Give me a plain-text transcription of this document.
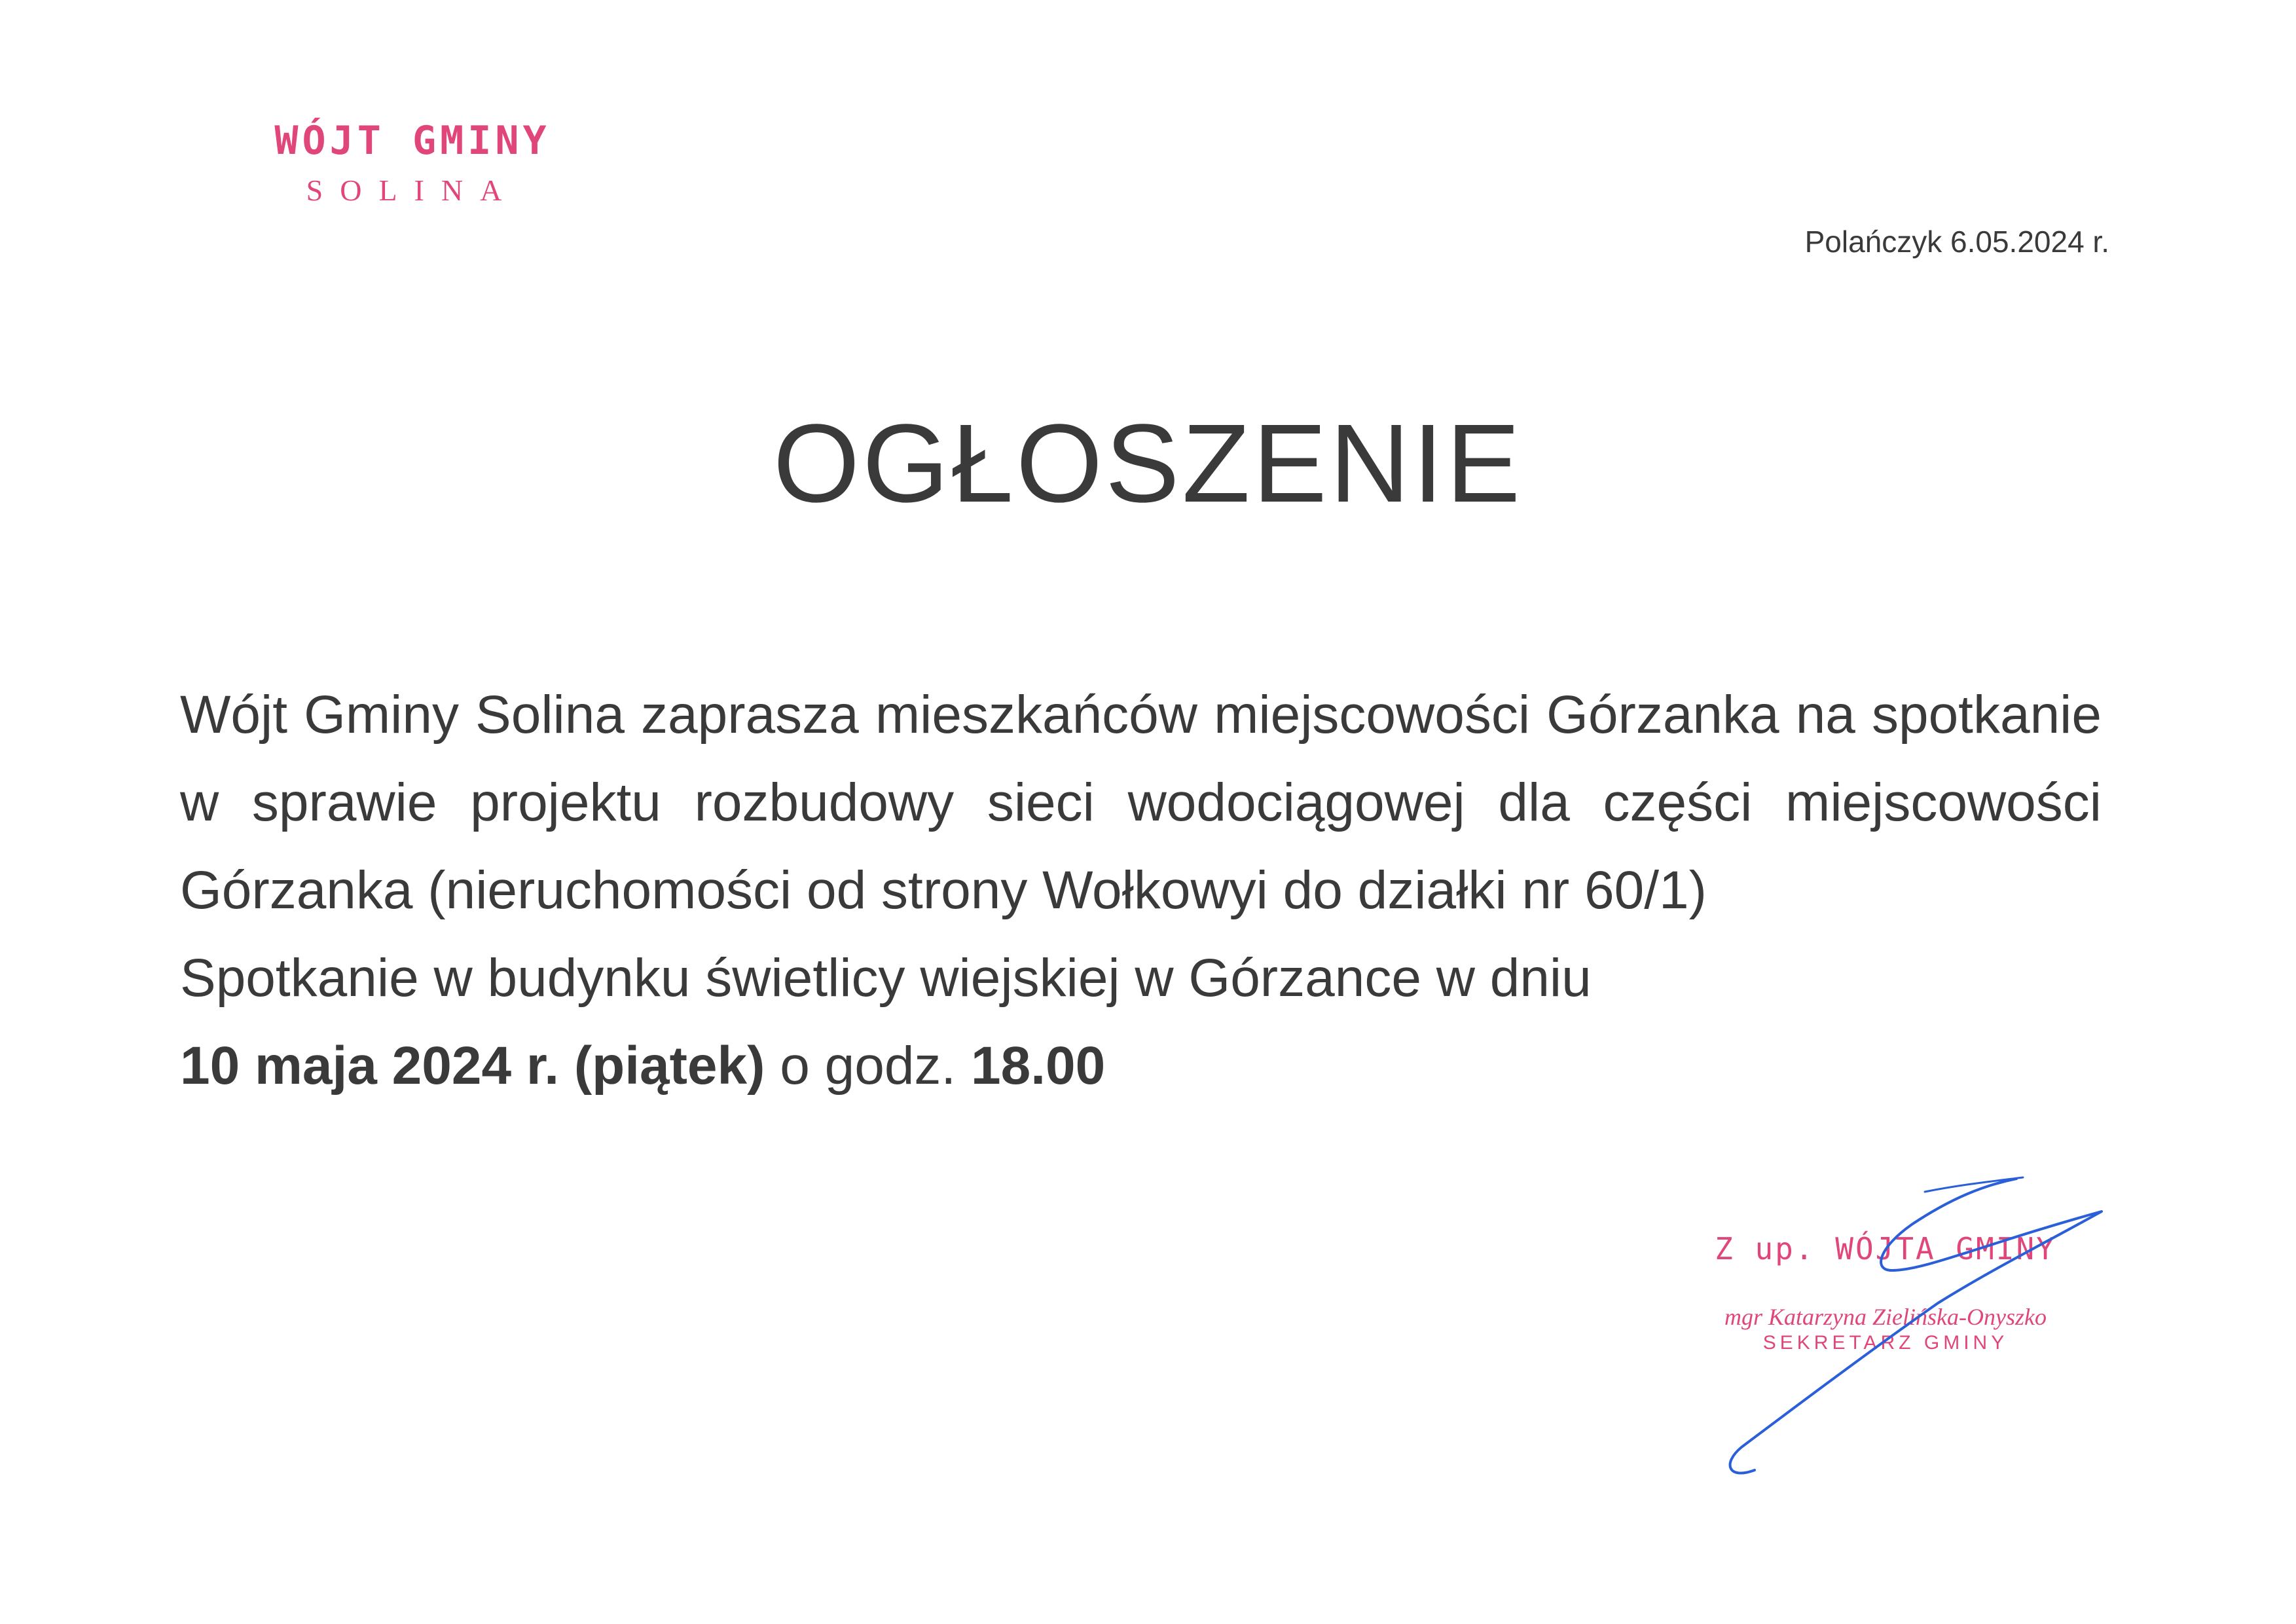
WÓJT GMINY
SOLINA
Polańczyk 6.05.2024 r.
OGŁOSZENIE

Wójt Gminy Solina zaprasza mieszkańców miejscowości Górzanka na spotkanie w sprawie projektu rozbudowy sieci wodociągowej dla części miejscowości Górzanka (nieruchomości od strony Wołkowyi do działki nr 60/1)

Spotkanie w budynku świetlicy wiejskiej w Górzance w dniu

10 maja 2024 r. (piątek) o godz. 18.00

Z up. WÓJTA GMINY
mgr Katarzyna Zielińska-Onyszko
SEKRETARZ GMINY
